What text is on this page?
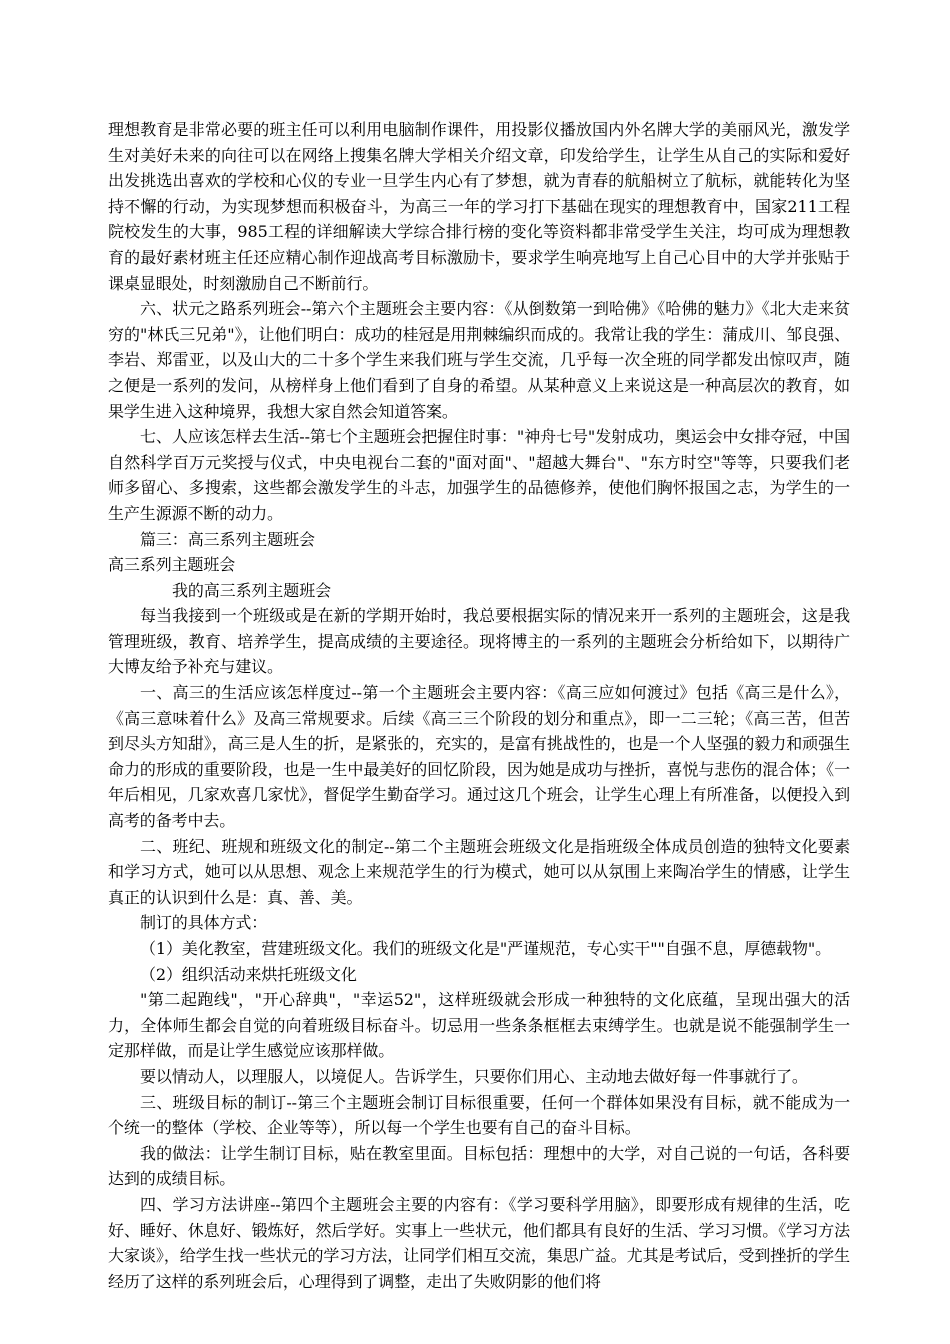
理想教育是非常必要的班主任可以利用电脑制作课件，用投影仪播放国内外名牌大学的美丽风光，激发学生对美好未来的向往可以在网络上搜集名牌大学相关介绍文章，印发给学生，让学生从自己的实际和爱好出发挑选出喜欢的学校和心仪的专业一旦学生内心有了梦想，就为青春的航船树立了航标，就能转化为坚持不懈的行动，为实现梦想而积极奋斗，为高三一年的学习打下基础在现实的理想教育中，国家211工程院校发生的大事，985工程的详细解读大学综合排行榜的变化等资料都非常受学生关注，均可成为理想教育的最好素材班主任还应精心制作迎战高考目标激励卡，要求学生响亮地写上自己心目中的大学并张贴于课桌显眼处，时刻激励自己不断前行。

六、状元之路系列班会--第六个主题班会主要内容：《从倒数第一到哈佛》《哈佛的魅力》《北大走来贫穷的"林氏三兄弟"》，让他们明白：成功的桂冠是用荆棘编织而成的。我常让我的学生：蒲成川、邹良强、李岩、郑雷亚，以及山大的二十多个学生来我们班与学生交流，几乎每一次全班的同学都发出惊叹声，随之便是一系列的发问，从榜样身上他们看到了自身的希望。从某种意义上来说这是一种高层次的教育，如果学生进入这种境界，我想大家自然会知道答案。

七、人应该怎样去生活--第七个主题班会把握住时事："神舟七号"发射成功，奥运会中女排夺冠，中国自然科学百万元奖授与仪式，中央电视台二套的"面对面"、"超越大舞台"、"东方时空"等等，只要我们老师多留心、多搜索，这些都会激发学生的斗志，加强学生的品德修养，使他们胸怀报国之志，为学生的一生产生源源不断的动力。

篇三：高三系列主题班会

高三系列主题班会

我的高三系列主题班会

每当我接到一个班级或是在新的学期开始时，我总要根据实际的情况来开一系列的主题班会，这是我管理班级，教育、培养学生，提高成绩的主要途径。现将博主的一系列的主题班会分析给如下，以期待广大博友给予补充与建议。

一、高三的生活应该怎样度过--第一个主题班会主要内容：《高三应如何渡过》包括《高三是什么》，《高三意味着什么》及高三常规要求。后续《高三三个阶段的划分和重点》，即一二三轮；《高三苦，但苦到尽头方知甜》，高三是人生的折，是紧张的，充实的，是富有挑战性的，也是一个人坚强的毅力和顽强生命力的形成的重要阶段，也是一生中最美好的回忆阶段，因为她是成功与挫折，喜悦与悲伤的混合体；《一年后相见，几家欢喜几家忧》，督促学生勤奋学习。通过这几个班会，让学生心理上有所准备，以便投入到高考的备考中去。

二、班纪、班规和班级文化的制定--第二个主题班会班级文化是指班级全体成员创造的独特文化要素和学习方式，她可以从思想、观念上来规范学生的行为模式，她可以从氛围上来陶冶学生的情感，让学生真正的认识到什么是：真、善、美。

制订的具体方式：

（1）美化教室，营建班级文化。我们的班级文化是"严谨规范，专心实干""自强不息，厚德载物"。

（2）组织活动来烘托班级文化

"第二起跑线"，"开心辞典"，"幸运52"，这样班级就会形成一种独特的文化底蕴，呈现出强大的活力，全体师生都会自觉的向着班级目标奋斗。切忌用一些条条框框去束缚学生。也就是说不能强制学生一定那样做，而是让学生感觉应该那样做。

要以情动人，以理服人，以境促人。告诉学生，只要你们用心、主动地去做好每一件事就行了。

三、班级目标的制订--第三个主题班会制订目标很重要，任何一个群体如果没有目标，就不能成为一个统一的整体（学校、企业等等），所以每一个学生也要有自己的奋斗目标。

我的做法：让学生制订目标，贴在教室里面。目标包括：理想中的大学，对自己说的一句话，各科要达到的成绩目标。

四、学习方法讲座--第四个主题班会主要的内容有：《学习要科学用脑》，即要形成有规律的生活，吃好、睡好、休息好、锻炼好，然后学好。实事上一些状元，他们都具有良好的生活、学习习惯。《学习方法大家谈》，给学生找一些状元的学习方法，让同学们相互交流，集思广益。尤其是考试后，受到挫折的学生经历了这样的系列班会后，心理得到了调整，走出了失败阴影的他们将
